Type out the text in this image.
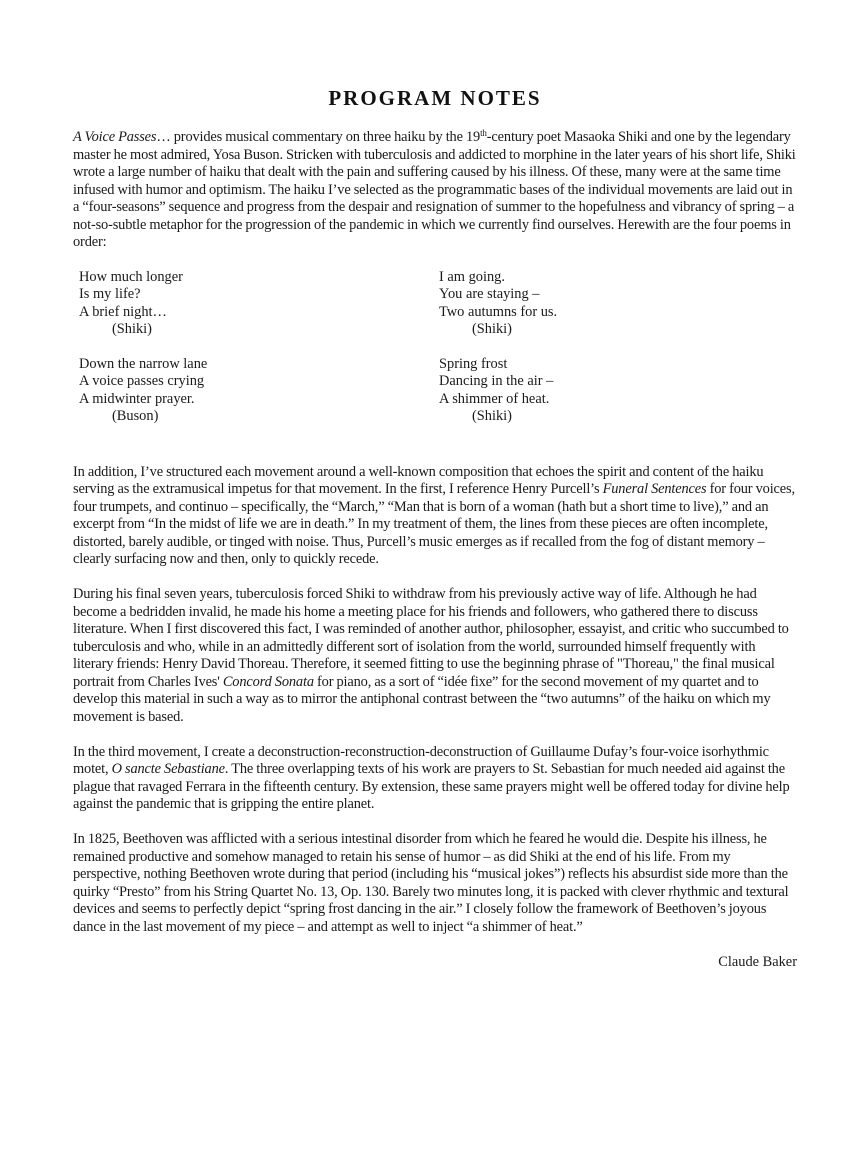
PROGRAM NOTES

A Voice Passes… provides musical commentary on three haiku by the 19th-century poet Masaoka Shiki and one by the legendary master he most admired, Yosa Buson. Stricken with tuberculosis and addicted to morphine in the later years of his short life, Shiki wrote a large number of haiku that dealt with the pain and suffering caused by his illness. Of these, many were at the same time infused with humor and optimism. The haiku I’ve selected as the programmatic bases of the individual movements are laid out in a “four-seasons” sequence and progress from the despair and resignation of summer to the hopefulness and vibrancy of spring – a not-so-subtle metaphor for the progression of the pandemic in which we currently find ourselves. Herewith are the four poems in order:

How much longer
Is my life?
A brief night…
(Shiki)
I am going.
You are staying –
Two autumns for us.
(Shiki)
Down the narrow lane
A voice passes crying
A midwinter prayer.
(Buson)
Spring frost
Dancing in the air –
A shimmer of heat.
(Shiki)

In addition, I’ve structured each movement around a well-known composition that echoes the spirit and content of the haiku serving as the extramusical impetus for that movement. In the first, I reference Henry Purcell’s Funeral Sentences for four voices, four trumpets, and continuo – specifically, the “March,” “Man that is born of a woman (hath but a short time to live),” and an excerpt from “In the midst of life we are in death.” In my treatment of them, the lines from these pieces are often incomplete, distorted, barely audible, or tinged with noise. Thus, Purcell’s music emerges as if recalled from the fog of distant memory – clearly surfacing now and then, only to quickly recede.

During his final seven years, tuberculosis forced Shiki to withdraw from his previously active way of life. Although he had become a bedridden invalid, he made his home a meeting place for his friends and followers, who gathered there to discuss literature. When I first discovered this fact, I was reminded of another author, philosopher, essayist, and critic who succumbed to tuberculosis and who, while in an admittedly different sort of isolation from the world, surrounded himself frequently with literary friends: Henry David Thoreau. Therefore, it seemed fitting to use the beginning phrase of "Thoreau," the final musical portrait from Charles Ives' Concord Sonata for piano, as a sort of “idée fixe” for the second movement of my quartet and to develop this material in such a way as to mirror the antiphonal contrast between the “two autumns” of the haiku on which my movement is based.

In the third movement, I create a deconstruction-reconstruction-deconstruction of Guillaume Dufay’s four-voice isorhythmic motet, O sancte Sebastiane. The three overlapping texts of his work are prayers to St. Sebastian for much needed aid against the plague that ravaged Ferrara in the fifteenth century. By extension, these same prayers might well be offered today for divine help against the pandemic that is gripping the entire planet.

In 1825, Beethoven was afflicted with a serious intestinal disorder from which he feared he would die. Despite his illness, he remained productive and somehow managed to retain his sense of humor – as did Shiki at the end of his life. From my perspective, nothing Beethoven wrote during that period (including his “musical jokes”) reflects his absurdist side more than the quirky “Presto” from his String Quartet No. 13, Op. 130. Barely two minutes long, it is packed with clever rhythmic and textural devices and seems to perfectly depict “spring frost dancing in the air.” I closely follow the framework of Beethoven’s joyous dance in the last movement of my piece – and attempt as well to inject “a shimmer of heat.”

Claude Baker
